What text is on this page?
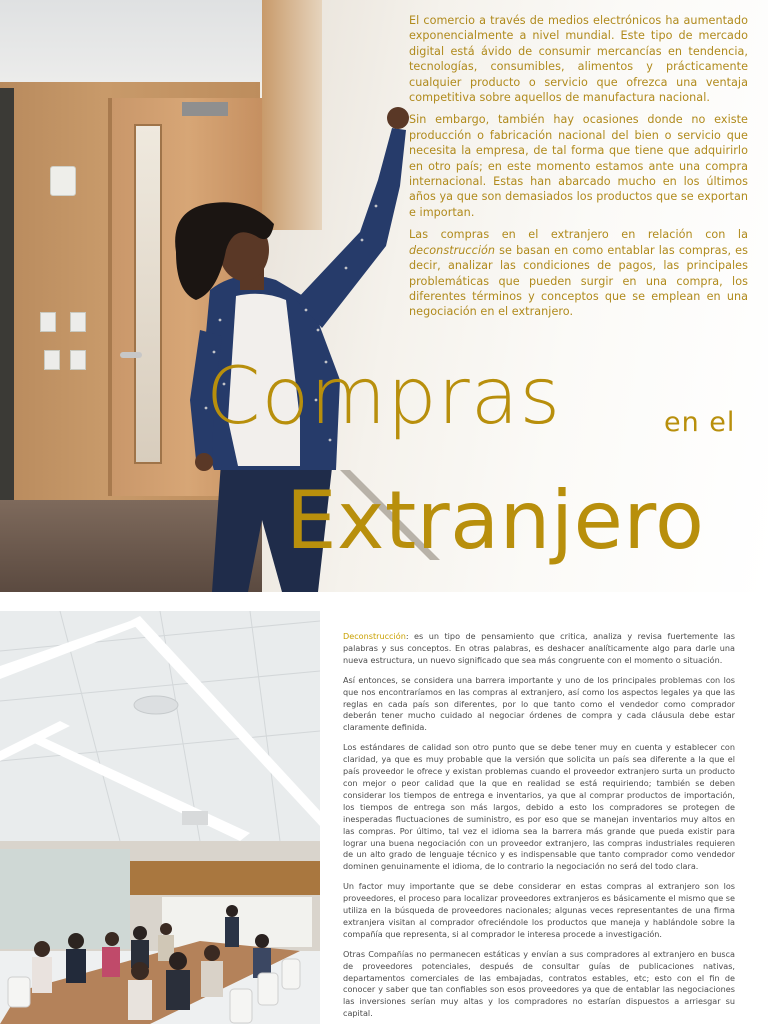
El comercio a través de medios electrónicos ha aumentado exponencialmente a nivel mundial. Este tipo de mercado digital está ávido de consumir mercancías en tendencia, tecnologías, consumibles, alimentos y prácticamente cualquier producto o servicio que ofrezca una ventaja competitiva sobre aquellos de manufactura nacional.

Sin embargo, también hay ocasiones donde no existe producción o fabricación nacional del bien o servicio que necesita la empresa, de tal forma que tiene que adquirirlo en otro país; en este momento estamos ante una compra internacional. Estas han abarcado mucho en los últimos años ya que son demasiados los productos que se exportan e importan.

Las compras en el extranjero en relación con la deconstrucción se basan en como entablar las compras, es decir, analizar las condiciones de pagos, las principales problemáticas que pueden surgir en una compra, los diferentes términos y conceptos que se emplean en una negociación en el extranjero.

Compras	en el
Extranjero

Deconstrucción: es un tipo de pensamiento que critica, analiza y revisa fuertemente las palabras y sus conceptos. En otras palabras, es deshacer analíticamente algo para darle una nueva estructura, un nuevo significado que sea más congruente con el momento o situación.

Así entonces, se considera una barrera importante y uno de los principales problemas con los que nos encontraríamos en las compras al extranjero, así como los aspectos legales ya que las reglas en cada país son diferentes, por lo que tanto como el vendedor como comprador deberán tener mucho cuidado al negociar órdenes de compra y cada cláusula debe estar claramente definida.

Los estándares de calidad son otro punto que se debe tener muy en cuenta y establecer con claridad, ya que es muy probable que la versión que solicita un país sea diferente a la que el país proveedor le ofrece y existan problemas cuando el proveedor extranjero surta un producto con mejor o peor calidad que la que en realidad se está requiriendo; también se deben considerar los tiempos de entrega e inventarios, ya que al comprar productos de importación, los tiempos de entrega son más largos, debido a esto los compradores se protegen de inesperadas fluctuaciones de suministro, es por eso que se manejan inventarios muy altos en las compras. Por último, tal vez el idioma sea la barrera más grande que pueda existir para lograr una buena negociación con un proveedor extranjero, las compras industriales requieren de un alto grado de lenguaje técnico y es indispensable que tanto comprador como vendedor dominen genuinamente el idioma, de lo contrario la negociación no será del todo clara.

Un factor muy importante que se debe considerar en estas compras al extranjero son los proveedores, el proceso para localizar proveedores extranjeros es básicamente el mismo que se utiliza en la búsqueda de proveedores nacionales; algunas veces representantes de una firma extranjera visitan al comprador ofreciéndole los productos que maneja y hablándole sobre la compañía que representa, si al comprador le interesa procede a investigación.

Otras Compañías no permanecen estáticas y envían a sus compradores al extranjero en busca de proveedores potenciales, después de consultar guías de publicaciones nativas, departamentos comerciales de las embajadas, contratos estables, etc; esto con el fin de conocer y saber que tan confiables son esos proveedores ya que de entablar las negociaciones las inversiones serían muy altas y los compradores no estarían dispuestos a arriesgar su capital.
